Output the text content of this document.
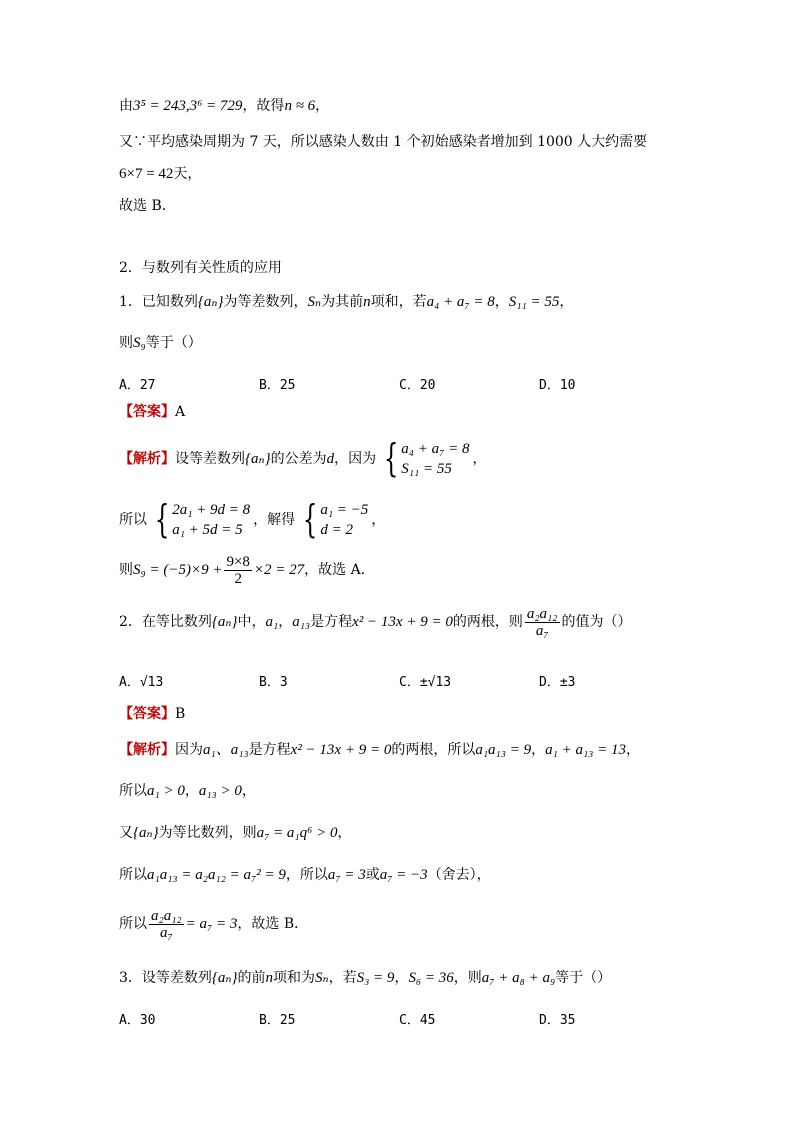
由3⁵ = 243,3⁶ = 729，故得n ≈ 6，
又∵平均感染周期为 7 天，所以感染人数由 1 个初始感染者增加到 1000 人大约需要
6×7 = 42天，
故选 B．
2．与数列有关性质的应用
1．已知数列{aₙ}为等差数列，Sₙ为其前n项和，若a₄ + a₇ = 8，S₁₁ = 55，
则S₉等于（）
A．27	B．25	C．20	D．10
【答案】A
【解析】设等差数列{aₙ}的公差为d，因为 { a₄ + a₇ = 8
S₁₁ = 55
，
所以 { 2a₁ + 9d = 8
a₁ + 5d = 5
，解得 { a₁ = −5
d = 2
，
则$S_9 = (-5)\times 9 + \frac{9\times 8}{2} \times 2 = 27$，故选 A．
2．在等比数列{aₙ}中，a₁，a₁₃是方程x² − 13x + 9 = 0的两根，则 $\frac{\text{a₂a₁₂}}{\text{a₇}}$ 的值为（）
A．√13	B．3	C．±√13	D．±3
【答案】B
【解析】因为a₁、a₁₃是方程x² − 13x + 9 = 0的两根，所以a₁a₁₃ = 9，a₁ + a₁₃ = 13，
所以a₁ > 0，a₁₃ > 0，
又{aₙ}为等比数列，则a₇ = a₁q⁶ > 0，
所以a₁a₁₃ = a₂a₁₂ = a₇² = 9，所以a₇ = 3或a₇ = −3（舍去），
所以 $\frac{\text{a₂a₁₂}}{\text{a₇}} = a_7 = 3$，故选 B．
3．设等差数列{aₙ}的前n项和为Sₙ，若S₃ = 9，S₆ = 36，则a₇ + a₈ + a₉等于（）
A．30	B．25	C．45	D．35
